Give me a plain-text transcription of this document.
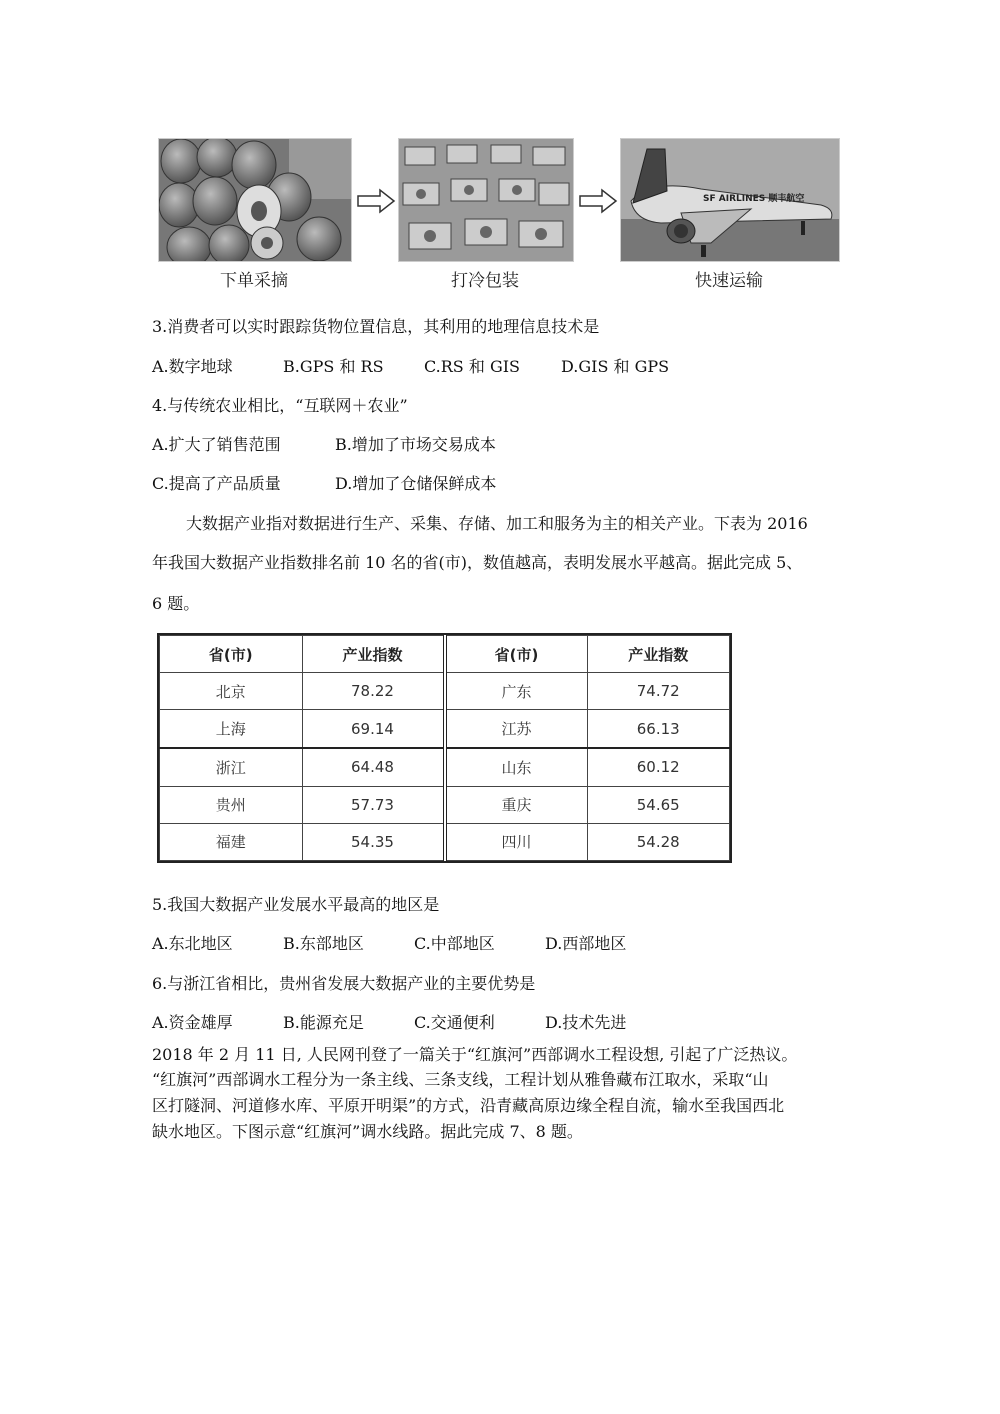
SF AIRLINES 顺丰航空
下单采摘	打冷包装	快速运输
3.消费者可以实时跟踪货物位置信息，其利用的地理信息技术是
A.数字地球	B.GPS 和 RS	C.RS 和 GIS	D.GIS 和 GPS
4.与传统农业相比，“互联网＋农业”
A.扩大了销售范围	B.增加了市场交易成本
C.提高了产品质量	D.增加了仓储保鲜成本
大数据产业指对数据进行生产、采集、存储、加工和服务为主的相关产业。下表为 2016
年我国大数据产业指数排名前 10 名的省(市)，数值越高，表明发展水平越高。据此完成 5、
6 题。
省(市)	产业指数	省(市)	产业指数
北京	78.22	广东	74.72
上海	69.14	江苏	66.13
浙江	64.48	山东	60.12
贵州	57.73	重庆	54.65
福建	54.35	四川	54.28
5.我国大数据产业发展水平最高的地区是
A.东北地区	B.东部地区	C.中部地区	D.西部地区
6.与浙江省相比，贵州省发展大数据产业的主要优势是
A.资金雄厚	B.能源充足	C.交通便利	D.技术先进
2018 年 2 月 11 日, 人民网刊登了一篇关于“红旗河”西部调水工程设想, 引起了广泛热议。
“红旗河”西部调水工程分为一条主线、三条支线，工程计划从雅鲁藏布江取水，采取“山
区打隧洞、河道修水库、平原开明渠”的方式，沿青藏高原边缘全程自流，输水至我国西北
缺水地区。下图示意“红旗河”调水线路。据此完成 7、8 题。
